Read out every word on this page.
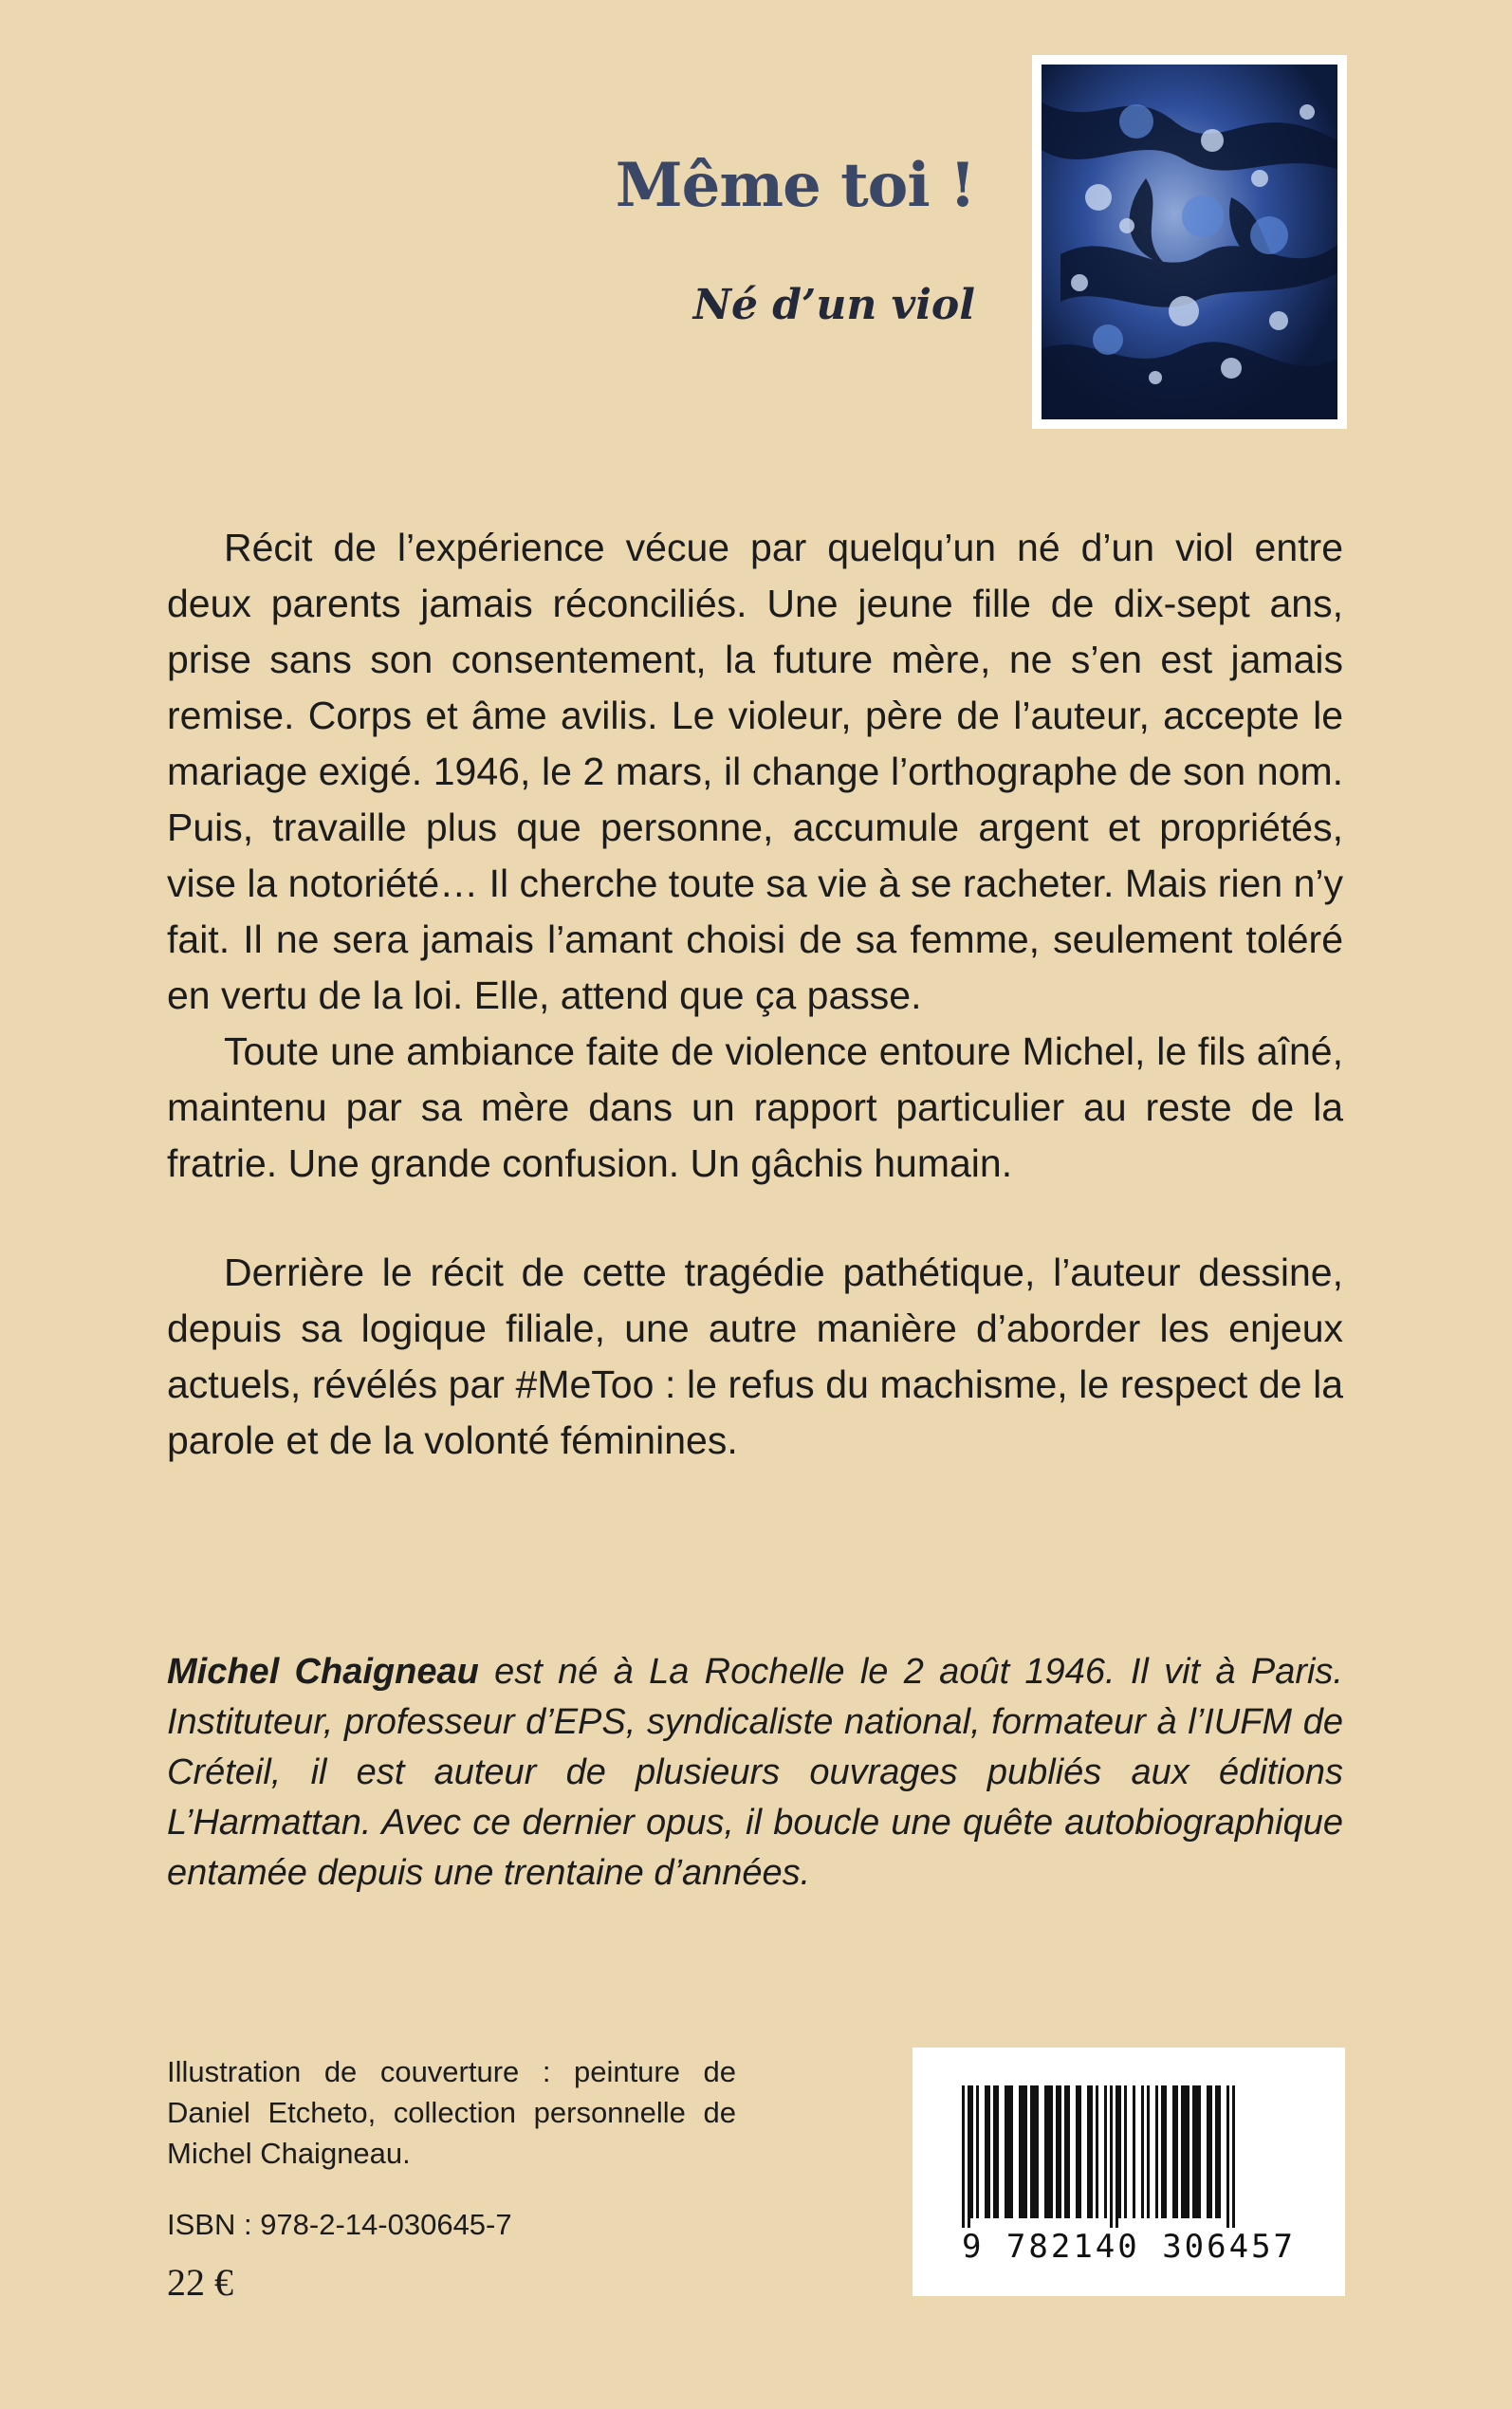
Même toi !
Né d’un viol

Récit de l’expérience vécue par quelqu’un né d’un viol entre deux parents jamais réconciliés. Une jeune fille de dix-sept ans, prise sans son consentement, la future mère, ne s’en est jamais remise. Corps et âme avilis. Le violeur, père de l’auteur, accepte le mariage exigé. 1946, le 2 mars, il change l’orthographe de son nom. Puis, travaille plus que personne, accumule argent et propriétés, vise la notoriété… Il cherche toute sa vie à se racheter. Mais rien n’y fait. Il ne sera jamais l’amant choisi de sa femme, seulement toléré en vertu de la loi. Elle, attend que ça passe.

Toute une ambiance faite de violence entoure Michel, le fils aîné, maintenu par sa mère dans un rapport particulier au reste de la fratrie. Une grande confusion. Un gâchis humain.

Derrière le récit de cette tragédie pathétique, l’auteur dessine, depuis sa logique filiale, une autre manière d’aborder les enjeux actuels, révélés par #MeToo : le refus du machisme, le respect de la parole et de la volonté féminines.

Michel Chaigneau est né à La Rochelle le 2 août 1946. Il vit à Paris. Instituteur, professeur d’EPS, syndicaliste national, formateur à l’IUFM de Créteil, il est auteur de plusieurs ouvrages publiés aux éditions L’Harmattan. Avec ce dernier opus, il boucle une quête autobiographique entamée depuis une trentaine d’années.

Illustration de couverture : peinture de Daniel Etcheto, collection personnelle de Michel Chaigneau.

ISBN : 978-2-14-030645-7

22 €

9 782140 306457
